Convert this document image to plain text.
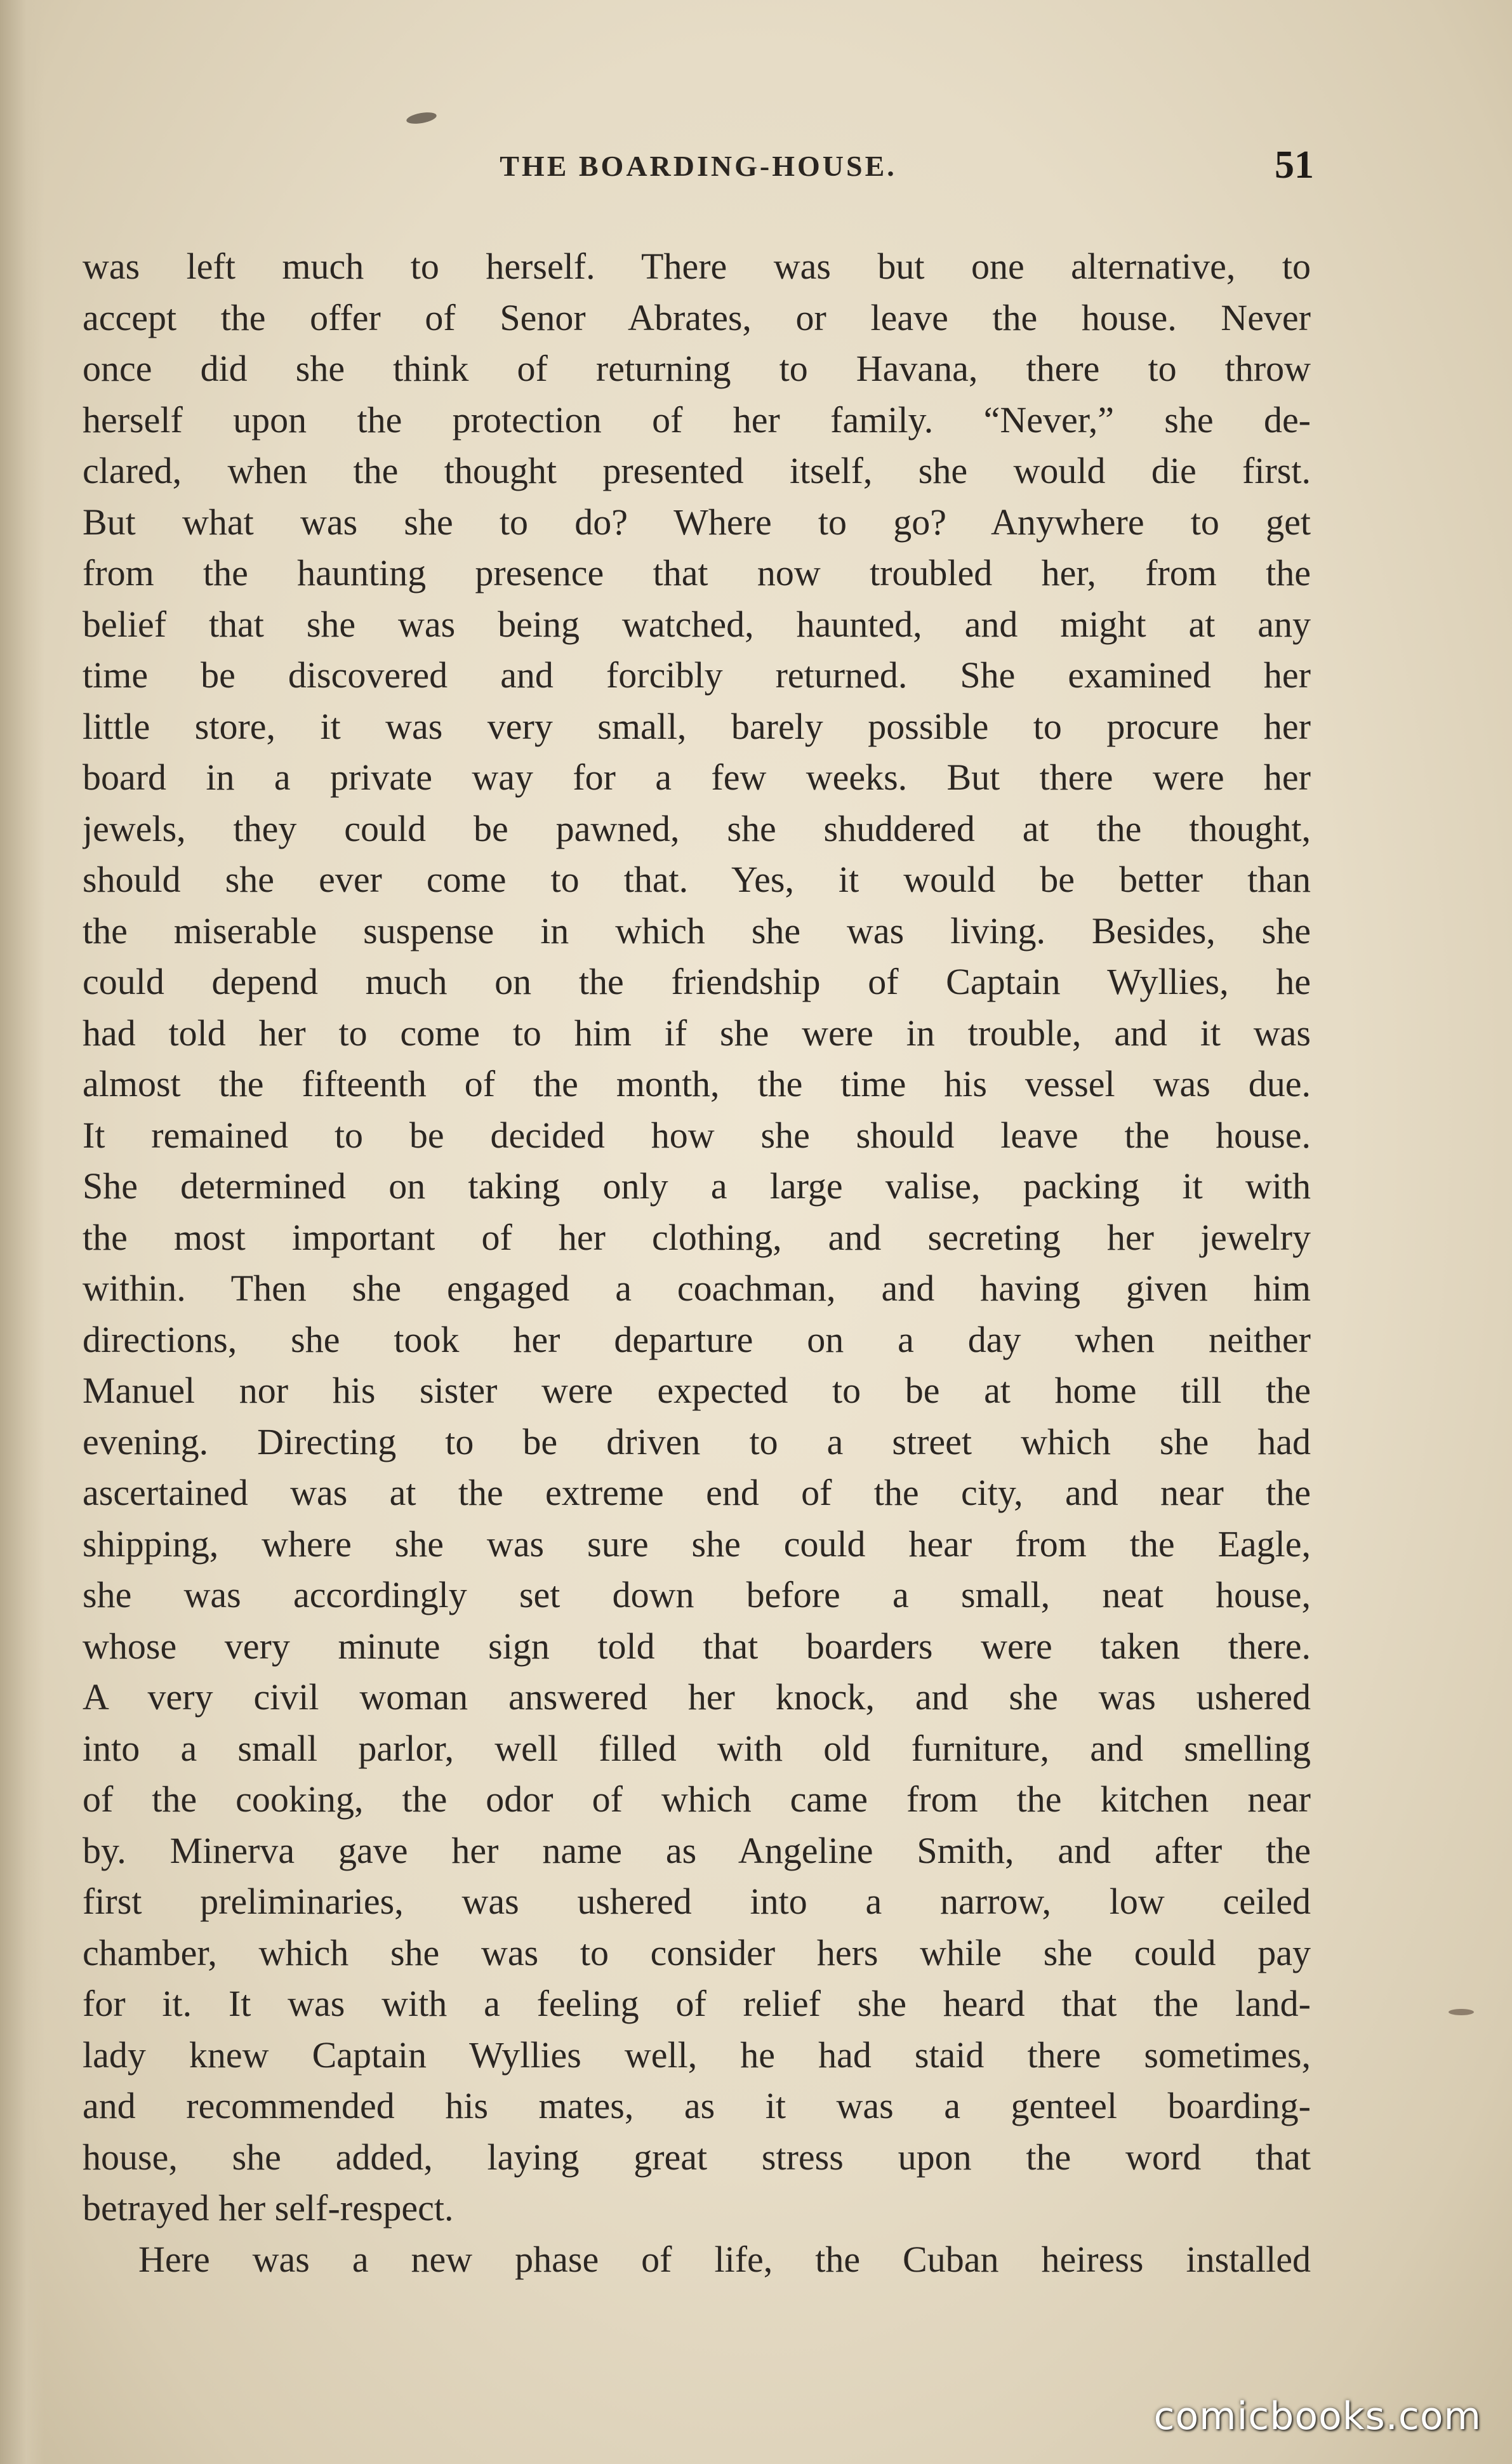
THE BOARDING-HOUSE.	51
was left much to herself. There was but one alternative, to
accept the offer of Senor Abrates, or leave the house. Never
once did she think of returning to Havana, there to throw
herself upon the protection of her family. “Never,” she de-
clared, when the thought presented itself, she would die first.
But what was she to do? Where to go? Anywhere to get
from the haunting presence that now troubled her, from the
belief that she was being watched, haunted, and might at any
time be discovered and forcibly returned. She examined her
little store, it was very small, barely possible to procure her
board in a private way for a few weeks. But there were her
jewels, they could be pawned, she shuddered at the thought,
should she ever come to that. Yes, it would be better than
the miserable suspense in which she was living. Besides, she
could depend much on the friendship of Captain Wyllies, he
had told her to come to him if she were in trouble, and it was
almost the fifteenth of the month, the time his vessel was due.
It remained to be decided how she should leave the house.
She determined on taking only a large valise, packing it with
the most important of her clothing, and secreting her jewelry
within. Then she engaged a coachman, and having given him
directions, she took her departure on a day when neither
Manuel nor his sister were expected to be at home till the
evening. Directing to be driven to a street which she had
ascertained was at the extreme end of the city, and near the
shipping, where she was sure she could hear from the Eagle,
she was accordingly set down before a small, neat house,
whose very minute sign told that boarders were taken there.
A very civil woman answered her knock, and she was ushered
into a small parlor, well filled with old furniture, and smelling
of the cooking, the odor of which came from the kitchen near
by. Minerva gave her name as Angeline Smith, and after the
first preliminaries, was ushered into a narrow, low ceiled
chamber, which she was to consider hers while she could pay
for it. It was with a feeling of relief she heard that the land-
lady knew Captain Wyllies well, he had staid there sometimes,
and recommended his mates, as it was a genteel boarding-
house, she added, laying great stress upon the word that
betrayed her self-respect.
Here was a new phase of life, the Cuban heiress installed
comicbooks.com
